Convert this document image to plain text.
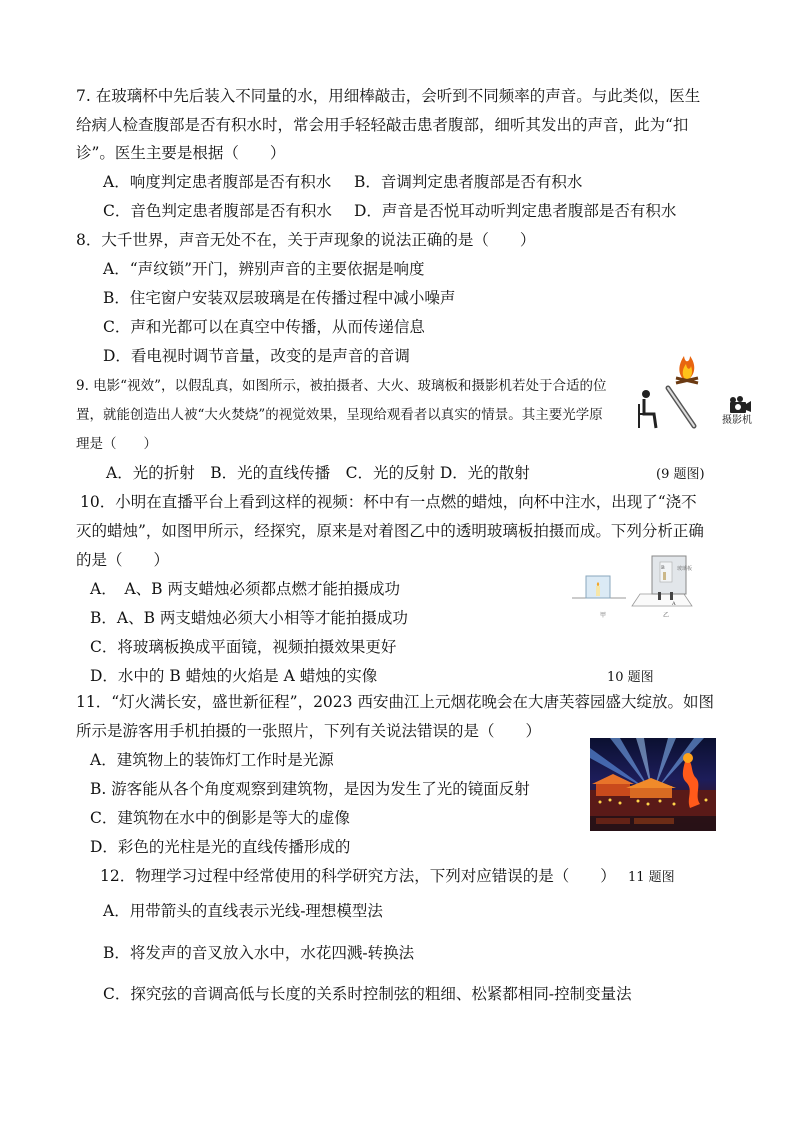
7. 在玻璃杯中先后装入不同量的水，用细棒敲击，会听到不同频率的声音。与此类似，医生
给病人检查腹部是否有积水时，常会用手轻轻敲击患者腹部，细听其发出的声音，此为“扣
诊”。医生主要是根据（　　）
A．响度判定患者腹部是否有积水 B．音调判定患者腹部是否有积水
C．音色判定患者腹部是否有积水 D．声音是否悦耳动听判定患者腹部是否有积水
8．大千世界，声音无处不在，关于声现象的说法正确的是（　　）
A．“声纹锁”开门，辨别声音的主要依据是响度
B．住宅窗户安装双层玻璃是在传播过程中减小噪声
C．声和光都可以在真空中传播，从而传递信息
D．看电视时调节音量，改变的是声音的音调
9. 电影“视效”，以假乱真，如图所示，被拍摄者、大火、玻璃板和摄影机若处于合适的位
置，就能创造出人被“大火焚烧”的视觉效果，呈现给观看者以真实的情景。其主要光学原
理是（　　）
A．光的折射　B．光的直线传播　C．光的反射 D．光的散射	(9 题图)
摄影机
10．小明在直播平台上看到这样的视频：杯中有一点燃的蜡烛，向杯中注水，出现了“浇不
灭的蜡烛”，如图甲所示，经探究，原来是对着图乙中的透明玻璃板拍摄而成。下列分析正确
的是（　　）
A．　A、B 两支蜡烛必须都点燃才能拍摄成功
B．A、B 两支蜡烛必须大小相等才能拍摄成功
C．将玻璃板换成平面镜，视频拍摄效果更好
D．水中的 B 蜡烛的火焰是 A 蜡烛的实像	10 题图
甲	乙
玻璃板
A
B
11．“灯火满长安，盛世新征程”，2023 西安曲江上元烟花晚会在大唐芙蓉园盛大绽放。如图
所示是游客用手机拍摄的一张照片，下列有关说法错误的是（　　）
A．建筑物上的装饰灯工作时是光源
B. 游客能从各个角度观察到建筑物，是因为发生了光的镜面反射
C．建筑物在水中的倒影是等大的虚像
D．彩色的光柱是光的直线传播形成的
12．物理学习过程中经常使用的科学研究方法，下列对应错误的是（　　） 11 题图
A．用带箭头的直线表示光线-理想模型法
B．将发声的音叉放入水中，水花四溅-转换法
C．探究弦的音调高低与长度的关系时控制弦的粗细、松紧都相同-控制变量法
